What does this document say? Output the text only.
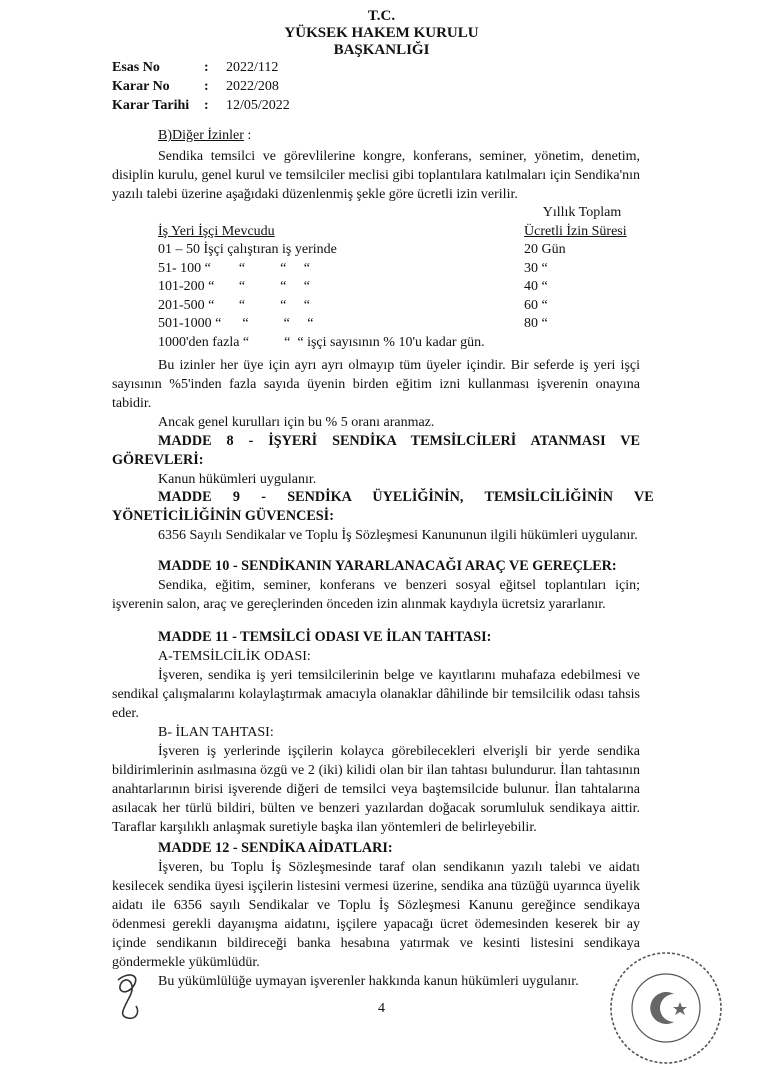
T.C.
YÜKSEK HAKEM KURULU
BAŞKANLIĞI
Esas No	:	2022/112
Karar No	:	2022/208
Karar Tarihi	:	12/05/2022
B)Diğer İzinler :

Sendika temsilci ve görevlilerine kongre, konferans, seminer, yönetim, denetim, disiplin kurulu, genel kurul ve temsilciler meclisi gibi toplantılara katılmaları için Sendika'nın yazılı talebi üzerine aşağıdaki düzenlenmiş şekle göre ücretli izin verilir.

Yıllık Toplam
İş Yeri İşçi Mevcudu	Ücretli İzin Süresi
01 – 50 İşçi çalıştıran iş yerinde	20 Gün
51- 100 “        “          “     “	30 “
101-200 “       “          “     “	40 “
201-500 “       “          “     “	60 “
501-1000 “      “          “     “	80 “
1000'den fazla “          “  “ işçi sayısının % 10'u kadar gün.

Bu izinler her üye için ayrı ayrı olmayıp tüm üyeler içindir. Bir seferde iş yeri işçi sayısının %5'inden fazla sayıda üyenin birden eğitim izni kullanması işverenin onayına tabidir.

Ancak genel kurulları için bu % 5 oranı aranmaz.

MADDE 8 - İŞYERİ SENDİKA TEMSİLCİLERİ ATANMASI VE GÖREVLERİ:

Kanun hükümleri uygulanır.

MADDE      9      -      SENDİKA      ÜYELİĞİNİN,      TEMSİLCİLİĞİNİN      VE

YÖNETİCİLİĞİNİN GÜVENCESİ:

6356 Sayılı Sendikalar ve Toplu İş Sözleşmesi Kanununun ilgili hükümleri uygulanır.

MADDE 10 - SENDİKANIN YARARLANACAĞI ARAÇ VE GEREÇLER:

Sendika, eğitim, seminer, konferans ve benzeri sosyal eğitsel toplantıları için; işverenin salon, araç ve gereçlerinden önceden izin alınmak kaydıyla ücretsiz yararlanır.

MADDE 11 - TEMSİLCİ ODASI VE İLAN TAHTASI:

A-TEMSİLCİLİK ODASI:

İşveren, sendika iş yeri temsilcilerinin belge ve kayıtlarını muhafaza edebilmesi ve sendikal çalışmalarını kolaylaştırmak amacıyla olanaklar dâhilinde bir temsilcilik odası tahsis eder.

B- İLAN TAHTASI:

İşveren iş yerlerinde işçilerin kolayca görebilecekleri elverişli bir yerde sendika bildirimlerinin asılmasına özgü ve 2 (iki) kilidi olan bir ilan tahtası bulundurur. İlan tahtasının anahtarlarının birisi işverende diğeri de temsilci veya baştemsilcide bulunur. İlan tahtalarına asılacak her türlü bildiri, bülten ve benzeri yazılardan doğacak sorumluluk sendikaya aittir. Taraflar karşılıklı anlaşmak suretiyle başka ilan yöntemleri de belirleyebilir.

MADDE 12 - SENDİKA AİDATLARI:

İşveren, bu Toplu İş Sözleşmesinde taraf olan sendikanın yazılı talebi ve aidatı kesilecek sendika üyesi işçilerin listesini vermesi üzerine, sendika ana tüzüğü uyarınca üyelik aidatı ile 6356 sayılı Sendikalar ve Toplu İş Sözleşmesi Kanunu gereğince sendikaya ödenmesi gerekli dayanışma aidatını, işçilere yapacağı ücret ödemesinden keserek bir ay içinde sendikanın bildireceği banka hesabına yatırmak ve kesinti listesini sendikaya göndermekle yükümlüdür.

Bu yükümlülüğe uymayan işverenler hakkında kanun hükümleri uygulanır.

4
